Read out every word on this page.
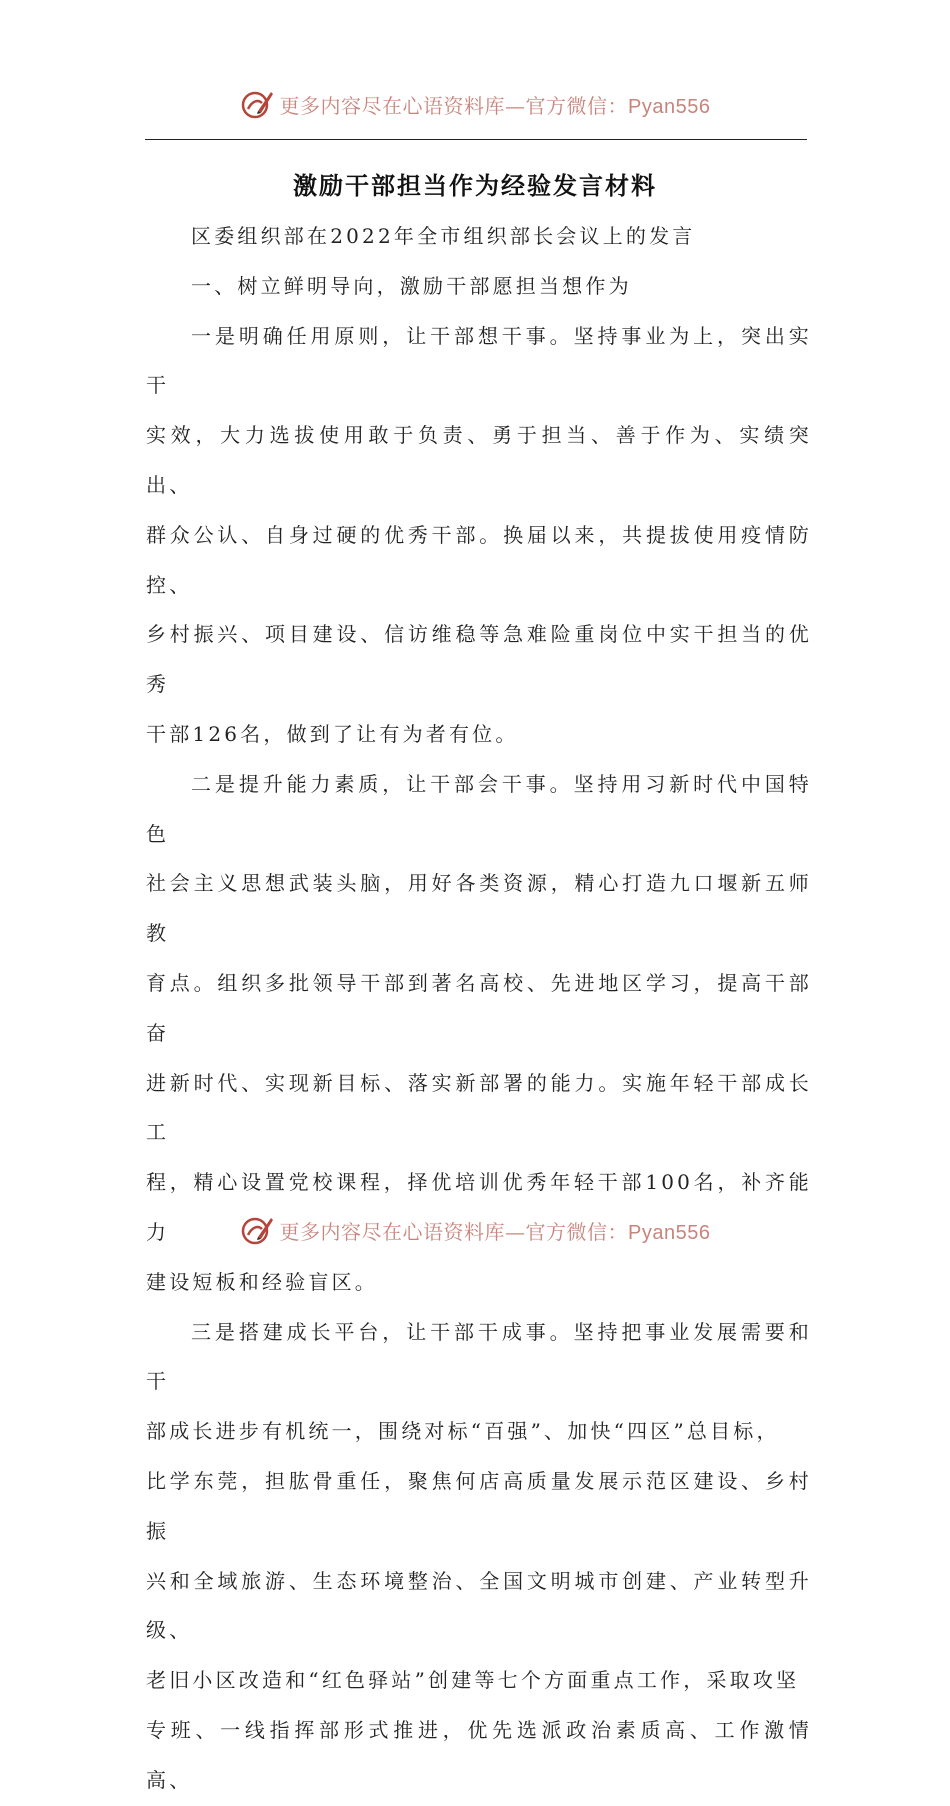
更多内容尽在心语资料库—官方微信：Pyan556
激励干部担当作为经验发言材料

区委组织部在2022年全市组织部长会议上的发言

一、树立鲜明导向，激励干部愿担当想作为

一是明确任用原则，让干部想干事。坚持事业为上，突出实干

实效，大力选拔使用敢于负责、勇于担当、善于作为、实绩突出、

群众公认、自身过硬的优秀干部。换届以来，共提拔使用疫情防控、

乡村振兴、项目建设、信访维稳等急难险重岗位中实干担当的优秀

干部126名，做到了让有为者有位。

二是提升能力素质，让干部会干事。坚持用习新时代中国特色

社会主义思想武装头脑，用好各类资源，精心打造九口堰新五师教

育点。组织多批领导干部到著名高校、先进地区学习，提高干部奋

进新时代、实现新目标、落实新部署的能力。实施年轻干部成长工

程，精心设置党校课程，择优培训优秀年轻干部100名，补齐能力

建设短板和经验盲区。

三是搭建成长平台，让干部干成事。坚持把事业发展需要和干

部成长进步有机统一，围绕对标“百强”、加快“四区”总目标，

比学东莞，担肱骨重任，聚焦何店高质量发展示范区建设、乡村振

兴和全域旅游、生态环境整治、全国文明城市创建、产业转型升级、

老旧小区改造和“红色驿站”创建等七个方面重点工作，采取攻坚

专班、一线指挥部形式推进，优先选派政治素质高、工作激情高、

更多内容尽在心语资料库—官方微信：Pyan556
